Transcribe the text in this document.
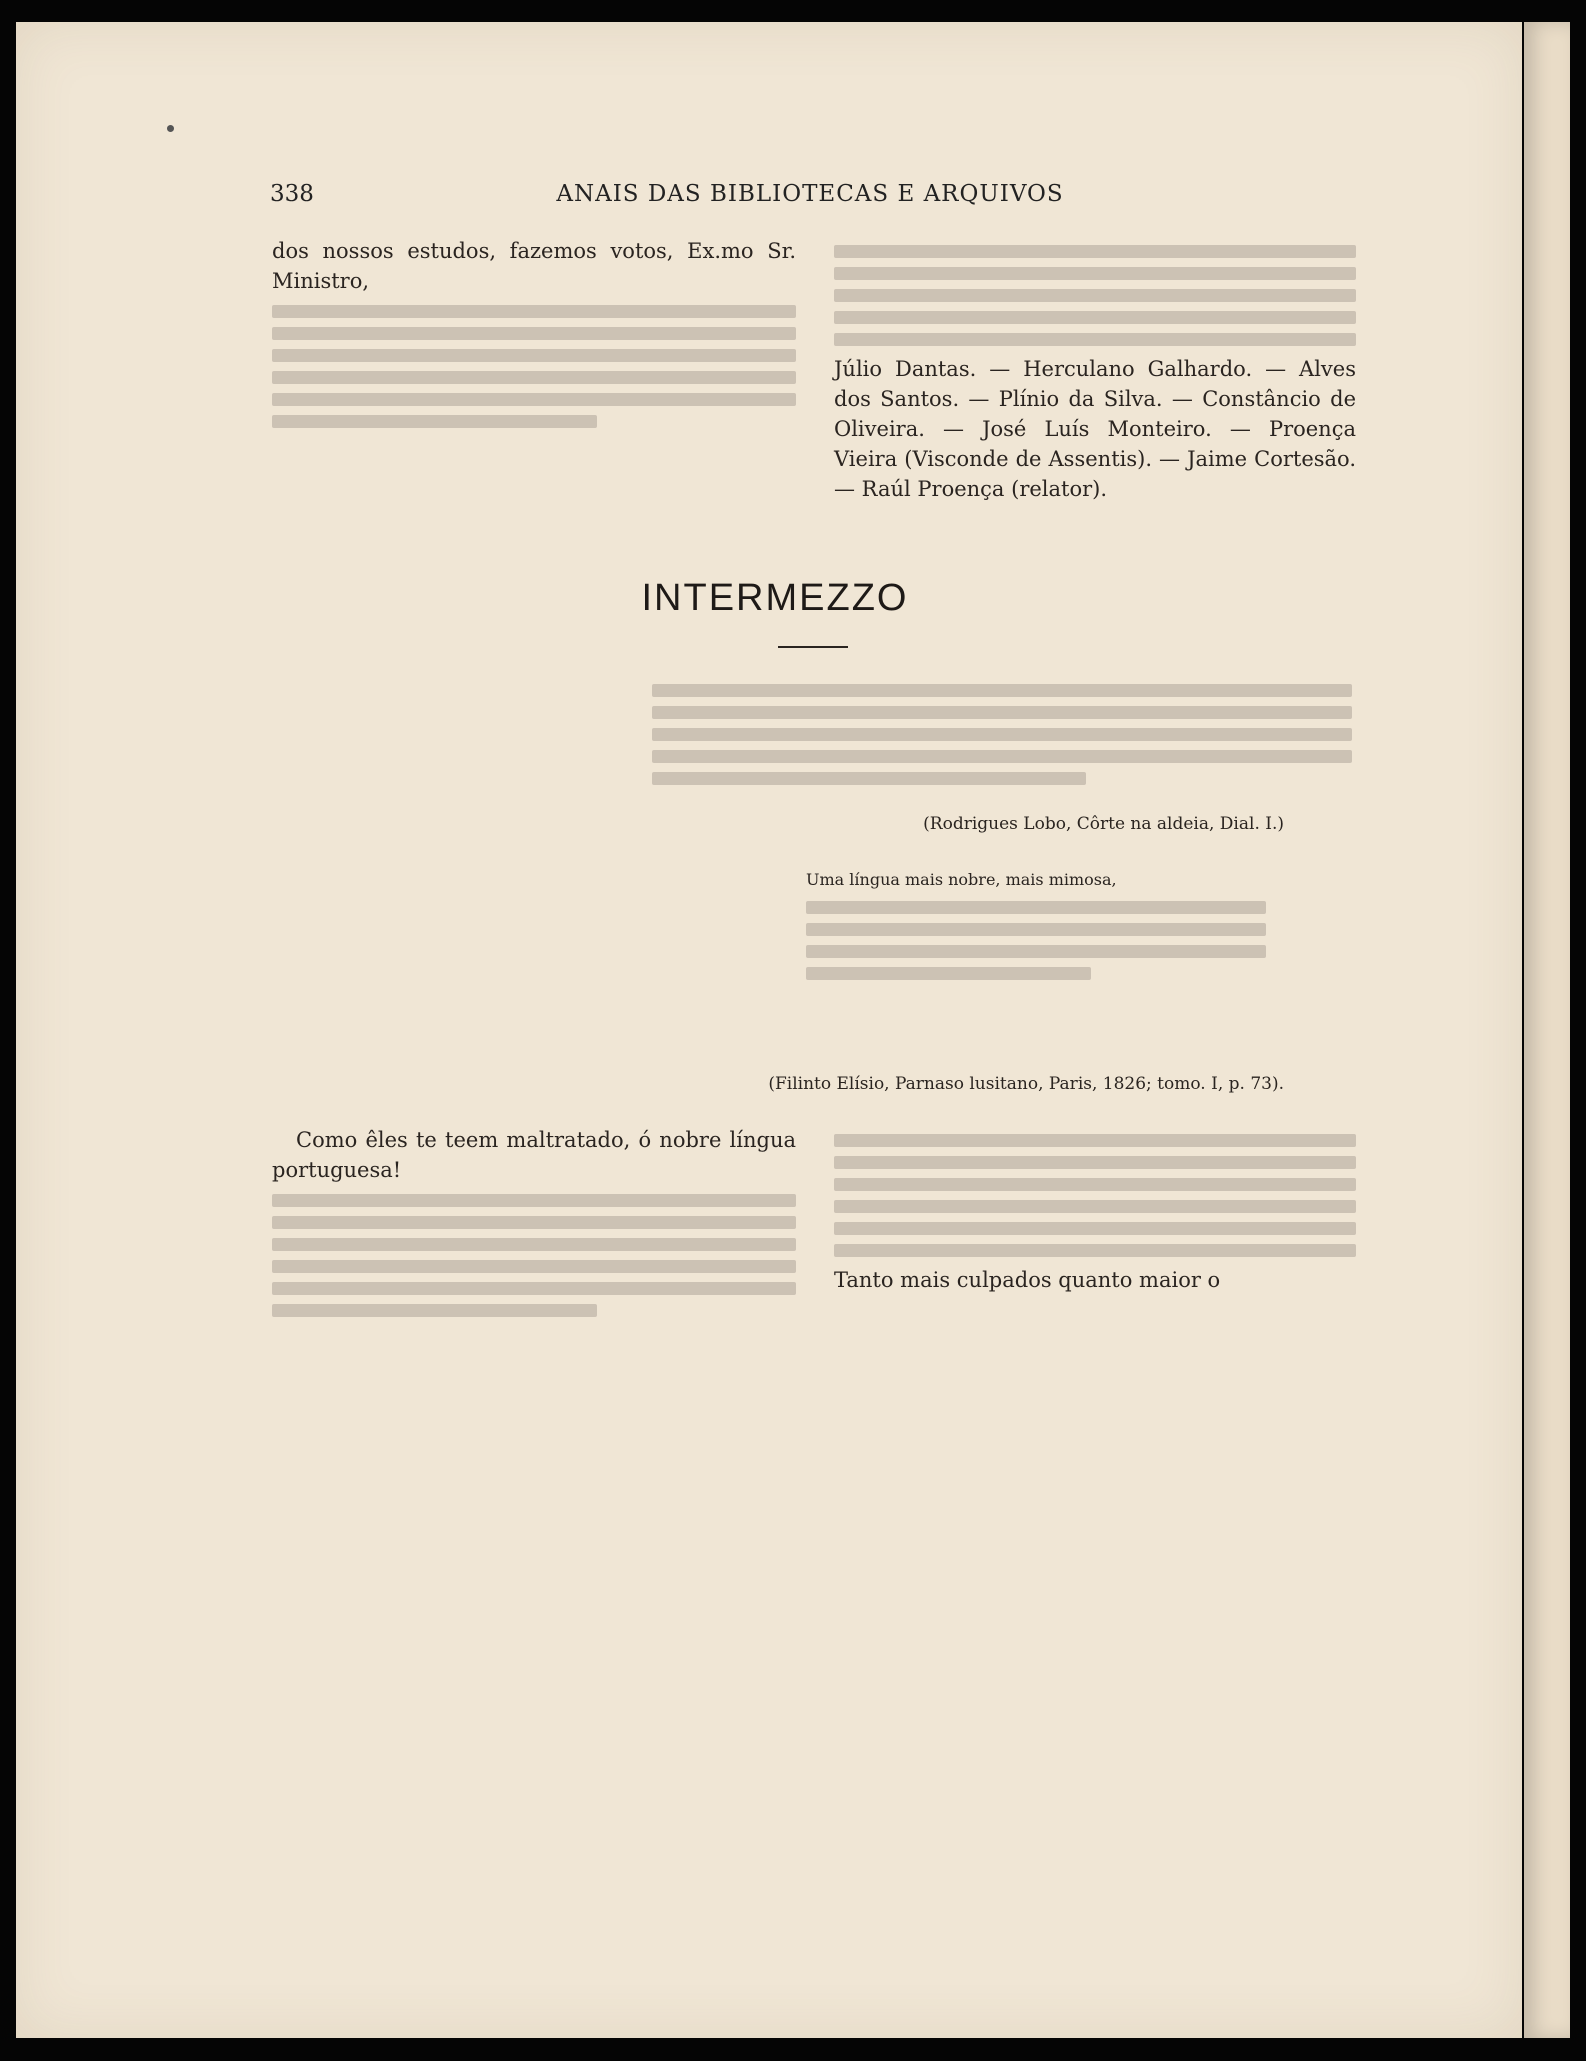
338	ANAIS DAS BIBLIOTECAS E ARQUIVOS
dos nossos estudos, fazemos votos, Ex.mo Sr. Ministro,
Júlio Dantas. — Herculano Galhardo. — Alves dos Santos. — Plínio da Silva. — Constâncio de Oliveira. — José Luís Monteiro. — Proença Vieira (Visconde de Assentis). — Jaime Cortesão. — Raúl Proença (relator).
INTERMEZZO
(Rodrigues Lobo, Côrte na aldeia, Dial. I.)
Uma língua mais nobre, mais mimosa,
(Filinto Elísio, Parnaso lusitano, Paris, 1826; tomo. I, p. 73).
Como êles te teem maltratado, ó nobre língua portuguesa!
Tanto mais culpados quanto maior o
